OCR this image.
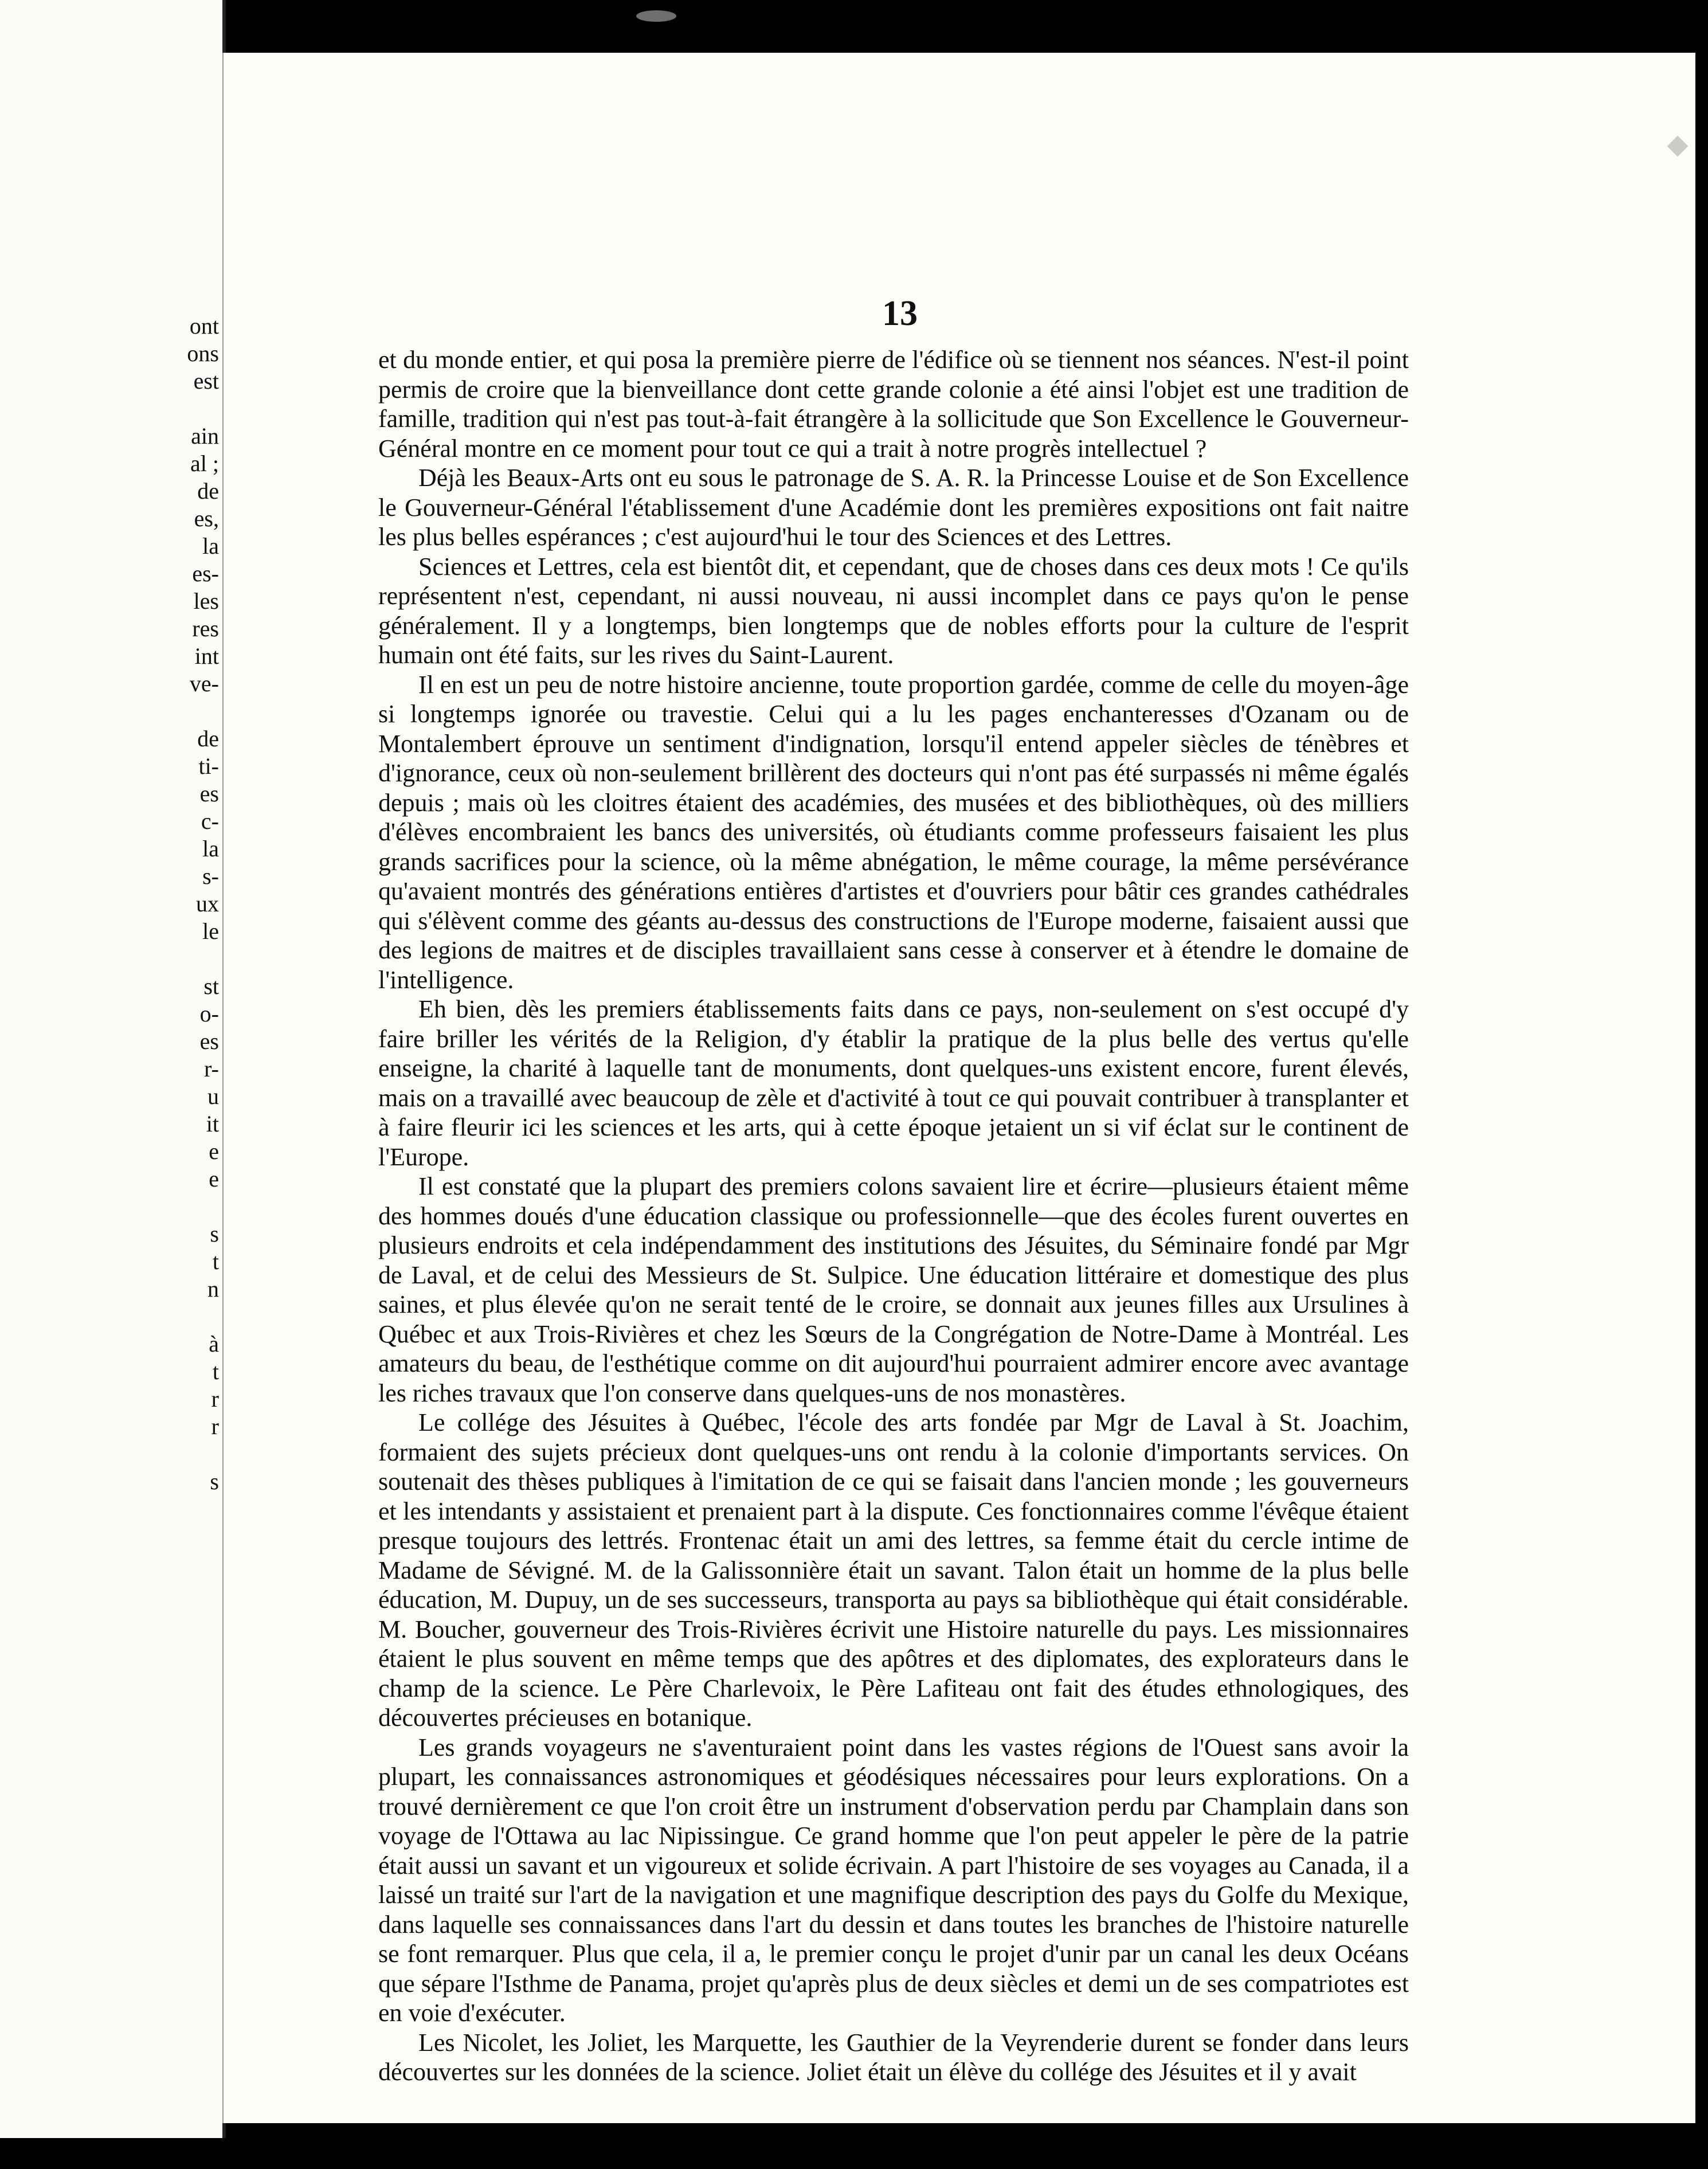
ont
ons
est

ain
al ;
de
es,
la
es-
les
res
int
ve-

de
ti-
es
c-
la
s-
ux
le

st
o-
es
r-
u
it
e
e

s
t
n

à
t
r
r

s

13

et du monde entier, et qui posa la première pierre de l'édifice où se tiennent nos séances. N'est-il point permis de croire que la bienveillance dont cette grande colonie a été ainsi l'objet est une tradition de famille, tradition qui n'est pas tout-à-fait étrangère à la sollicitude que Son Excellence le Gouverneur-Général montre en ce moment pour tout ce qui a trait à notre progrès intellectuel ?

Déjà les Beaux-Arts ont eu sous le patronage de S. A. R. la Princesse Louise et de Son Excellence le Gouverneur-Général l'établissement d'une Académie dont les premières expositions ont fait naitre les plus belles espérances ; c'est aujourd'hui le tour des Sciences et des Lettres.

Sciences et Lettres, cela est bientôt dit, et cependant, que de choses dans ces deux mots ! Ce qu'ils représentent n'est, cependant, ni aussi nouveau, ni aussi incomplet dans ce pays qu'on le pense généralement. Il y a longtemps, bien longtemps que de nobles efforts pour la culture de l'esprit humain ont été faits, sur les rives du Saint-Laurent.

Il en est un peu de notre histoire ancienne, toute proportion gardée, comme de celle du moyen-âge si longtemps ignorée ou travestie. Celui qui a lu les pages enchanteresses d'Ozanam ou de Montalembert éprouve un sentiment d'indignation, lorsqu'il entend appeler siècles de ténèbres et d'ignorance, ceux où non-seulement brillèrent des docteurs qui n'ont pas été surpassés ni même égalés depuis ; mais où les cloitres étaient des académies, des musées et des bibliothèques, où des milliers d'élèves encombraient les bancs des universités, où étudiants comme professeurs faisaient les plus grands sacrifices pour la science, où la même abnégation, le même courage, la même persévérance qu'avaient montrés des générations entières d'artistes et d'ouvriers pour bâtir ces grandes cathédrales qui s'élèvent comme des géants au-dessus des constructions de l'Europe moderne, faisaient aussi que des legions de maitres et de disciples travaillaient sans cesse à conserver et à étendre le domaine de l'intelligence.

Eh bien, dès les premiers établissements faits dans ce pays, non-seulement on s'est occupé d'y faire briller les vérités de la Religion, d'y établir la pratique de la plus belle des vertus qu'elle enseigne, la charité à laquelle tant de monuments, dont quelques-uns existent encore, furent élevés, mais on a travaillé avec beaucoup de zèle et d'activité à tout ce qui pouvait contribuer à transplanter et à faire fleurir ici les sciences et les arts, qui à cette époque jetaient un si vif éclat sur le continent de l'Europe.

Il est constaté que la plupart des premiers colons savaient lire et écrire—plusieurs étaient même des hommes doués d'une éducation classique ou professionnelle—que des écoles furent ouvertes en plusieurs endroits et cela indépendamment des institutions des Jésuites, du Séminaire fondé par Mgr de Laval, et de celui des Messieurs de St. Sulpice. Une éducation littéraire et domestique des plus saines, et plus élevée qu'on ne serait tenté de le croire, se donnait aux jeunes filles aux Ursulines à Québec et aux Trois-Rivières et chez les Sœurs de la Congrégation de Notre-Dame à Montréal. Les amateurs du beau, de l'esthétique comme on dit aujourd'hui pourraient admirer encore avec avantage les riches travaux que l'on conserve dans quelques-uns de nos monastères.

Le collége des Jésuites à Québec, l'école des arts fondée par Mgr de Laval à St. Joachim, formaient des sujets précieux dont quelques-uns ont rendu à la colonie d'importants services. On soutenait des thèses publiques à l'imitation de ce qui se faisait dans l'ancien monde ; les gouverneurs et les intendants y assistaient et prenaient part à la dispute. Ces fonctionnaires comme l'évêque étaient presque toujours des lettrés. Frontenac était un ami des lettres, sa femme était du cercle intime de Madame de Sévigné. M. de la Galissonnière était un savant. Talon était un homme de la plus belle éducation, M. Dupuy, un de ses successeurs, transporta au pays sa bibliothèque qui était considérable. M. Boucher, gouverneur des Trois-Rivières écrivit une Histoire naturelle du pays. Les missionnaires étaient le plus souvent en même temps que des apôtres et des diplomates, des explorateurs dans le champ de la science. Le Père Charlevoix, le Père Lafiteau ont fait des études ethnologiques, des découvertes précieuses en botanique.

Les grands voyageurs ne s'aventuraient point dans les vastes régions de l'Ouest sans avoir la plupart, les connaissances astronomiques et géodésiques nécessaires pour leurs explorations. On a trouvé dernièrement ce que l'on croit être un instrument d'observation perdu par Champlain dans son voyage de l'Ottawa au lac Nipissingue. Ce grand homme que l'on peut appeler le père de la patrie était aussi un savant et un vigoureux et solide écrivain. A part l'histoire de ses voyages au Canada, il a laissé un traité sur l'art de la navigation et une magnifique description des pays du Golfe du Mexique, dans laquelle ses connaissances dans l'art du dessin et dans toutes les branches de l'histoire naturelle se font remarquer. Plus que cela, il a, le premier conçu le projet d'unir par un canal les deux Océans que sépare l'Isthme de Panama, projet qu'après plus de deux siècles et demi un de ses compatriotes est en voie d'exécuter.

Les Nicolet, les Joliet, les Marquette, les Gauthier de la Veyrenderie durent se fonder dans leurs découvertes sur les données de la science. Joliet était un élève du collége des Jésuites et il y avait
